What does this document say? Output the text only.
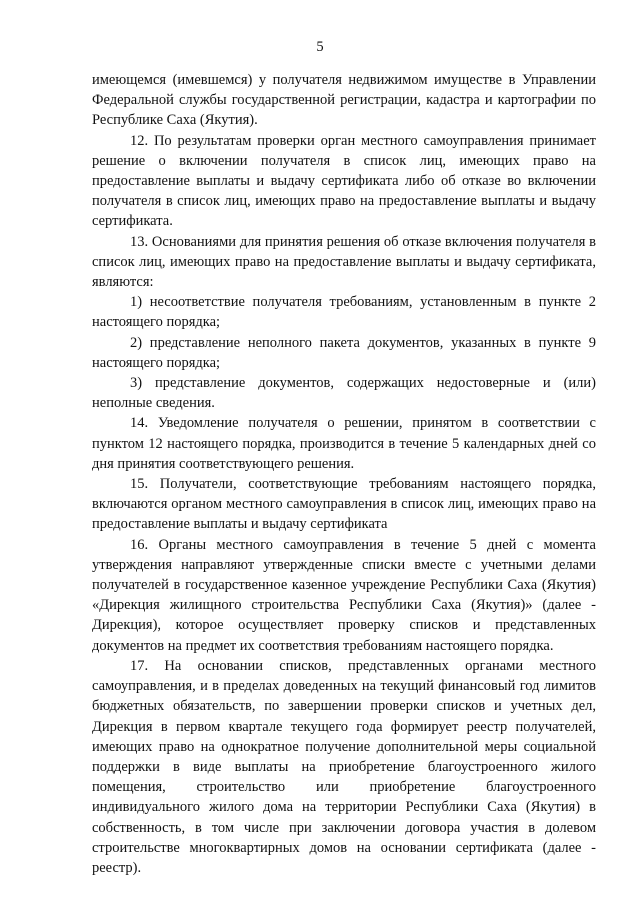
5

имеющемся (имевшемся) у получателя недвижимом имуществе в Управлении Федеральной службы государственной регистрации, кадастра и картографии по Республике Саха (Якутия).

12. По результатам проверки орган местного самоуправления принимает решение о включении получателя в список лиц, имеющих право на предоставление выплаты и выдачу сертификата либо об отказе во включении получателя в список лиц, имеющих право на предоставление выплаты и выдачу сертификата.

13. Основаниями для принятия решения об отказе включения получателя в список лиц, имеющих право на предоставление выплаты и выдачу сертификата, являются:

1) несоответствие получателя требованиям, установленным в пункте 2 настоящего порядка;

2) представление неполного пакета документов, указанных в пункте 9 настоящего порядка;

3) представление документов, содержащих недостоверные и (или) неполные сведения.

14. Уведомление получателя о решении, принятом в соответствии с пунктом 12 настоящего порядка, производится в течение 5 календарных дней со дня принятия соответствующего решения.

15. Получатели, соответствующие требованиям настоящего порядка, включаются органом местного самоуправления в список лиц, имеющих право на предоставление выплаты и выдачу сертификата

16. Органы местного самоуправления в течение 5 дней с момента утверждения направляют утвержденные списки вместе с учетными делами получателей в государственное казенное учреждение Республики Саха (Якутия) «Дирекция жилищного строительства Республики Саха (Якутия)» (далее - Дирекция), которое осуществляет проверку списков и представленных документов на предмет их соответствия требованиям настоящего порядка.

17. На основании списков, представленных органами местного самоуправления, и в пределах доведенных на текущий финансовый год лимитов бюджетных обязательств, по завершении проверки списков и учетных дел, Дирекция в первом квартале текущего года формирует реестр получателей, имеющих право на однократное получение дополнительной меры социальной поддержки в виде выплаты на приобретение благоустроенного жилого помещения, строительство или приобретение благоустроенного индивидуального жилого дома на территории Республики Саха (Якутия) в собственность, в том числе при заключении договора участия в долевом строительстве многоквартирных домов на основании сертификата (далее - реестр).
